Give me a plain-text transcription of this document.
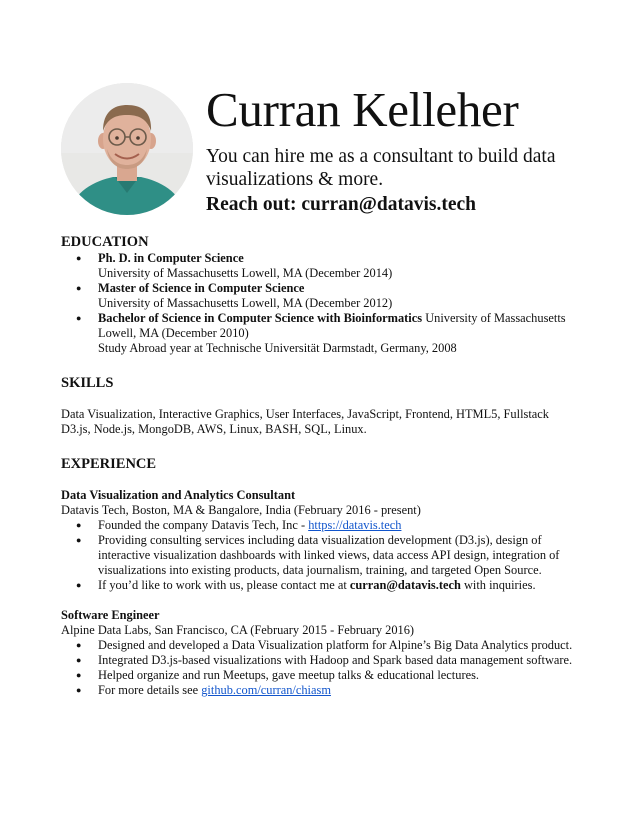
Curran Kelleher
You can hire me as a consultant to build data visualizations & more.
Reach out: curran@datavis.tech
EDUCATION
● Ph. D. in Computer Science
University of Massachusetts Lowell, MA (December 2014)
● Master of Science in Computer Science
University of Massachusetts Lowell, MA (December 2012)
● Bachelor of Science in Computer Science with Bioinformatics University of Massachusetts Lowell, MA (December 2010)
Study Abroad year at Technische Universität Darmstadt, Germany, 2008
SKILLS
Data Visualization, Interactive Graphics, User Interfaces, JavaScript, Frontend, HTML5, Fullstack
D3.js, Node.js, MongoDB, AWS, Linux, BASH, SQL, Linux.
EXPERIENCE
Data Visualization and Analytics Consultant
Datavis Tech, Boston, MA & Bangalore, India (February 2016 - present)
● Founded the company Datavis Tech, Inc - https://datavis.tech
● Providing consulting services including data visualization development (D3.js), design of interactive visualization dashboards with linked views, data access API design, integration of visualizations into existing products, data journalism, training, and targeted Open Source.
● If you’d like to work with us, please contact me at curran@datavis.tech with inquiries.
Software Engineer
Alpine Data Labs, San Francisco, CA (February 2015 - February 2016)
● Designed and developed a Data Visualization platform for Alpine’s Big Data Analytics product.
● Integrated D3.js-based visualizations with Hadoop and Spark based data management software.
● Helped organize and run Meetups, gave meetup talks & educational lectures.
● For more details see github.com/curran/chiasm
